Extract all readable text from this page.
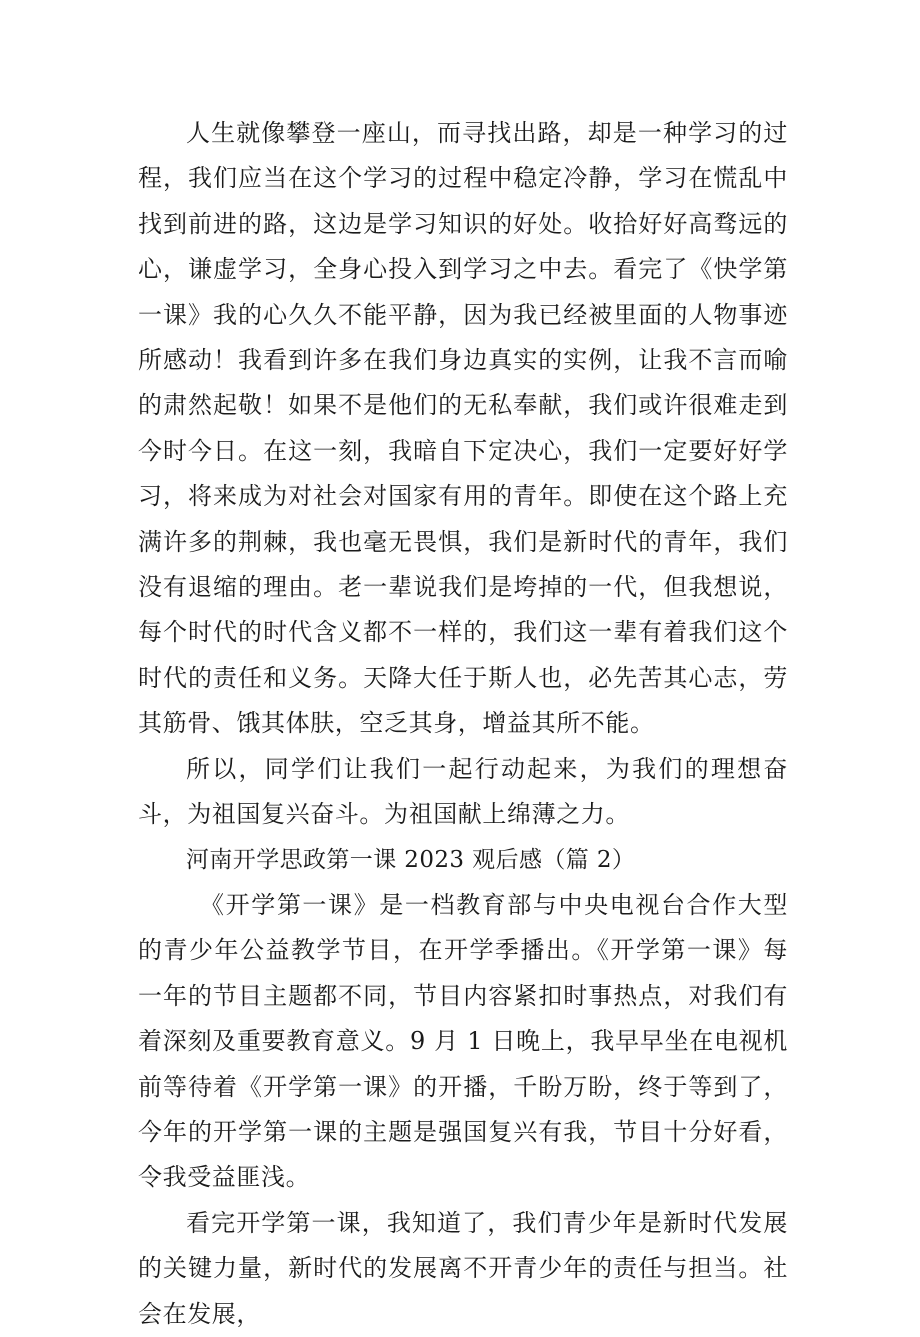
人生就像攀登一座山，而寻找出路，却是一种学习的过程，我们应当在这个学习的过程中稳定冷静，学习在慌乱中找到前进的路，这边是学习知识的好处。收拾好好高骛远的心，谦虚学习，全身心投入到学习之中去。看完了《快学第一课》我的心久久不能平静，因为我已经被里面的人物事迹所感动！我看到许多在我们身边真实的实例，让我不言而喻的肃然起敬！如果不是他们的无私奉献，我们或许很难走到今时今日。在这一刻，我暗自下定决心，我们一定要好好学习，将来成为对社会对国家有用的青年。即使在这个路上充满许多的荆棘，我也毫无畏惧，我们是新时代的青年，我们没有退缩的理由。老一辈说我们是垮掉的一代，但我想说，每个时代的时代含义都不一样的，我们这一辈有着我们这个时代的责任和义务。天降大任于斯人也，必先苦其心志，劳其筋骨、饿其体肤，空乏其身，增益其所不能。

所以，同学们让我们一起行动起来，为我们的理想奋斗，为祖国复兴奋斗。为祖国献上绵薄之力。

河南开学思政第一课 2023 观后感（篇 2）

《开学第一课》是一档教育部与中央电视台合作大型的青少年公益教学节目，在开学季播出。《开学第一课》每一年的节目主题都不同，节目内容紧扣时事热点，对我们有着深刻及重要教育意义。9 月 1 日晚上，我早早坐在电视机前等待着《开学第一课》的开播，千盼万盼，终于等到了，今年的开学第一课的主题是强国复兴有我，节目十分好看，令我受益匪浅。

看完开学第一课，我知道了，我们青少年是新时代发展的关键力量，新时代的发展离不开青少年的责任与担当。社会在发展，
